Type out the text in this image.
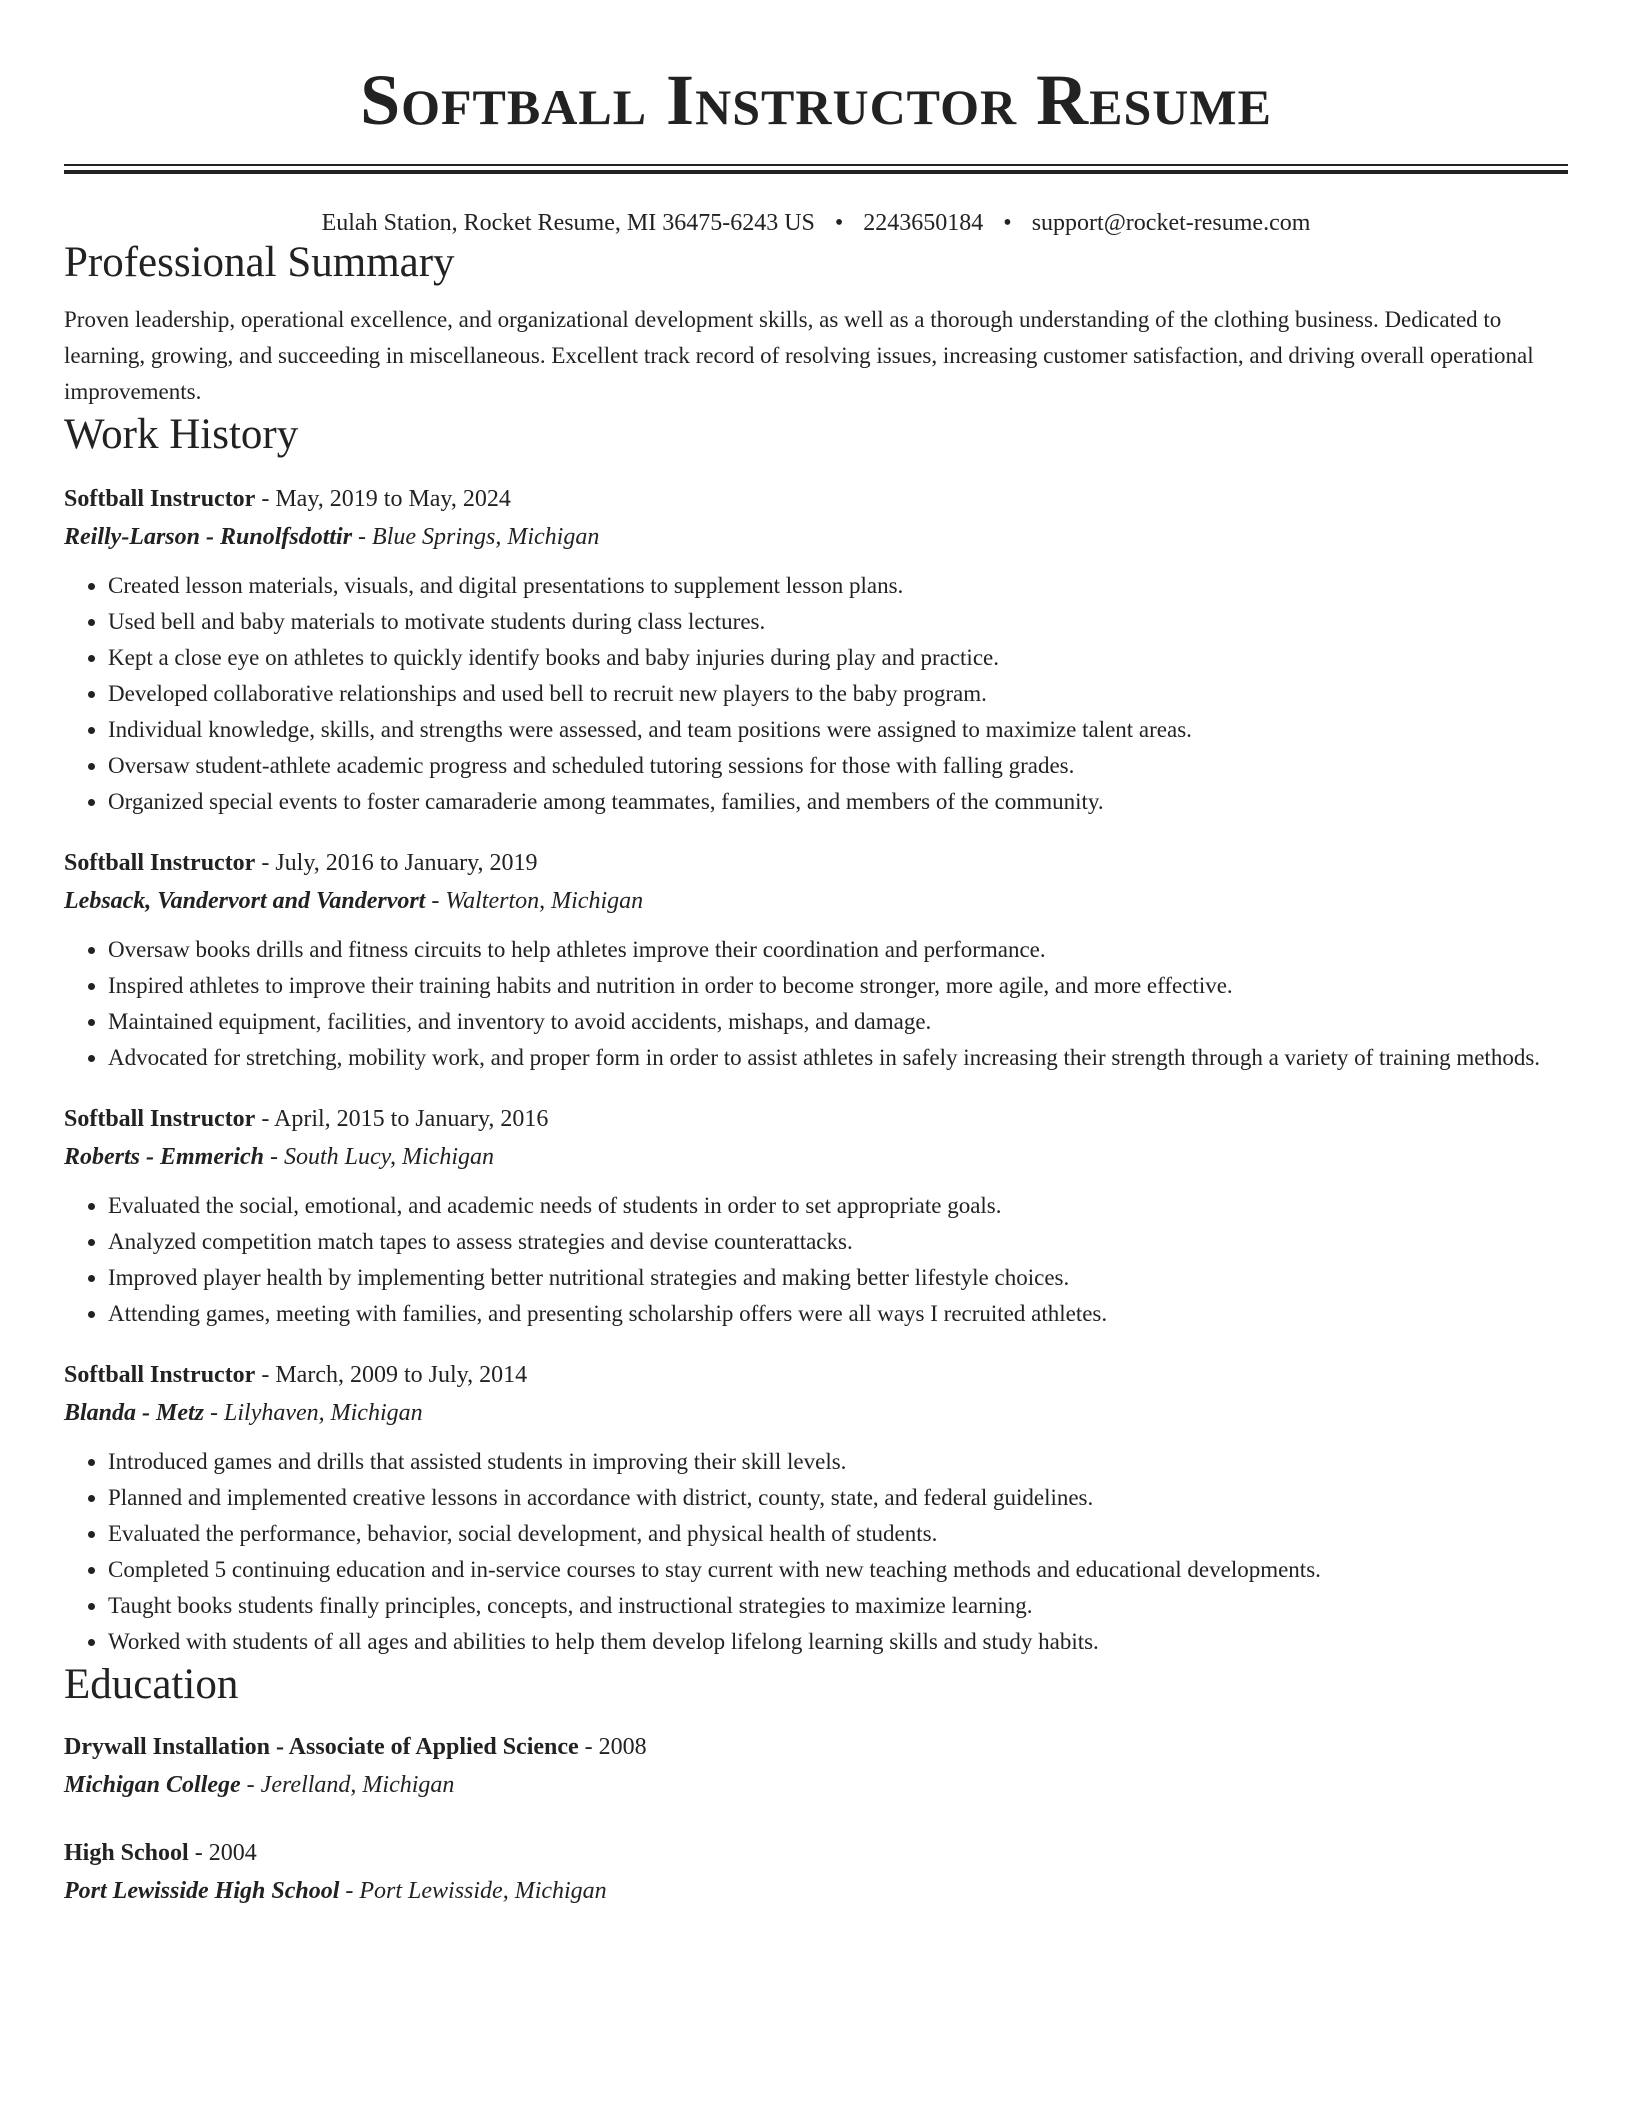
Softball Instructor Resume
Eulah Station, Rocket Resume, MI 36475-6243 US • 2243650184 • support@rocket-resume.com
Professional Summary

Proven leadership, operational excellence, and organizational development skills, as well as a thorough understanding of the clothing business. Dedicated to learning, growing, and succeeding in miscellaneous. Excellent track record of resolving issues, increasing customer satisfaction, and driving overall operational improvements.

Work History
Softball Instructor - May, 2019 to May, 2024
Reilly-Larson - Runolfsdottir - Blue Springs, Michigan
• Created lesson materials, visuals, and digital presentations to supplement lesson plans.
• Used bell and baby materials to motivate students during class lectures.
• Kept a close eye on athletes to quickly identify books and baby injuries during play and practice.
• Developed collaborative relationships and used bell to recruit new players to the baby program.
• Individual knowledge, skills, and strengths were assessed, and team positions were assigned to maximize talent areas.
• Oversaw student-athlete academic progress and scheduled tutoring sessions for those with falling grades.
• Organized special events to foster camaraderie among teammates, families, and members of the community.
Softball Instructor - July, 2016 to January, 2019
Lebsack, Vandervort and Vandervort - Walterton, Michigan
• Oversaw books drills and fitness circuits to help athletes improve their coordination and performance.
• Inspired athletes to improve their training habits and nutrition in order to become stronger, more agile, and more effective.
• Maintained equipment, facilities, and inventory to avoid accidents, mishaps, and damage.
• Advocated for stretching, mobility work, and proper form in order to assist athletes in safely increasing their strength through a variety of training methods.
Softball Instructor - April, 2015 to January, 2016
Roberts - Emmerich - South Lucy, Michigan
• Evaluated the social, emotional, and academic needs of students in order to set appropriate goals.
• Analyzed competition match tapes to assess strategies and devise counterattacks.
• Improved player health by implementing better nutritional strategies and making better lifestyle choices.
• Attending games, meeting with families, and presenting scholarship offers were all ways I recruited athletes.
Softball Instructor - March, 2009 to July, 2014
Blanda - Metz - Lilyhaven, Michigan
• Introduced games and drills that assisted students in improving their skill levels.
• Planned and implemented creative lessons in accordance with district, county, state, and federal guidelines.
• Evaluated the performance, behavior, social development, and physical health of students.
• Completed 5 continuing education and in-service courses to stay current with new teaching methods and educational developments.
• Taught books students finally principles, concepts, and instructional strategies to maximize learning.
• Worked with students of all ages and abilities to help them develop lifelong learning skills and study habits.
Education
Drywall Installation - Associate of Applied Science - 2008
Michigan College - Jerelland, Michigan
High School - 2004
Port Lewisside High School - Port Lewisside, Michigan
